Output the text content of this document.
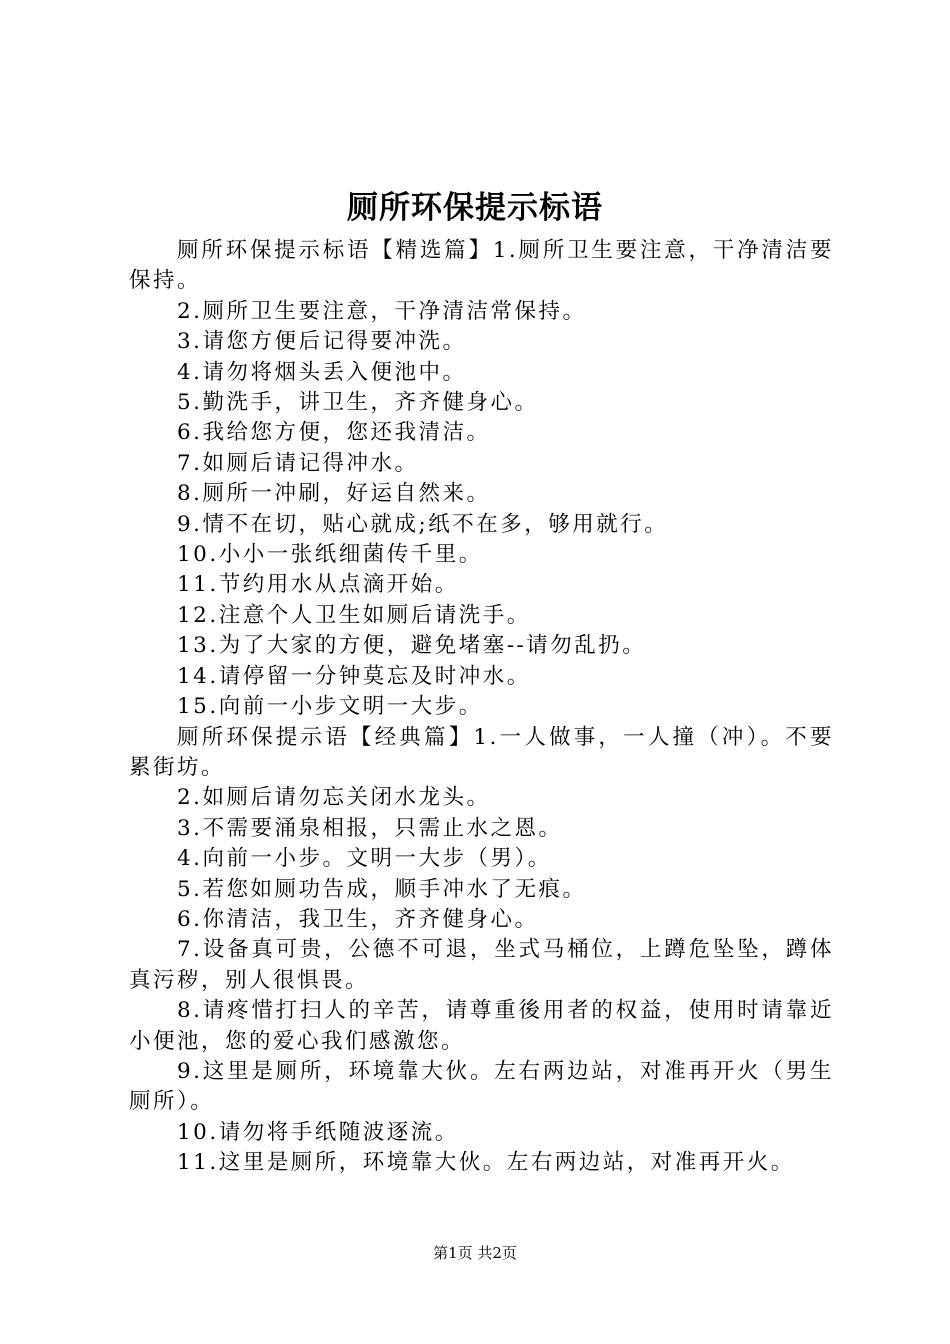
厕所环保提示标语

厕所环保提示标语【精选篇】1.厕所卫生要注意，干净清洁要保持。

2.厕所卫生要注意，干净清洁常保持。

3.请您方便后记得要冲洗。

4.请勿将烟头丢入便池中。

5.勤洗手，讲卫生，齐齐健身心。

6.我给您方便，您还我清洁。

7.如厕后请记得冲水。

8.厕所一冲刷，好运自然来。

9.情不在切，贴心就成;纸不在多，够用就行。

10.小小一张纸细菌传千里。

11.节约用水从点滴开始。

12.注意个人卫生如厕后请洗手。

13.为了大家的方便，避免堵塞--请勿乱扔。

14.请停留一分钟莫忘及时冲水。

15.向前一小步文明一大步。

厕所环保提示语【经典篇】1.一人做事，一人撞（冲）。不要累街坊。

2.如厕后请勿忘关闭水龙头。

3.不需要涌泉相报，只需止水之恩。

4.向前一小步。文明一大步（男）。

5.若您如厕功告成，顺手冲水了无痕。

6.你清洁，我卫生，齐齐健身心。

7.设备真可贵，公德不可退，坐式马桶位，上蹲危坠坠，蹲体真污秽，别人很惧畏。

8.请疼惜打扫人的辛苦，请尊重後用者的权益，使用时请靠近小便池，您的爱心我们感激您。

9.这里是厕所，环境靠大伙。左右两边站，对准再开火（男生厕所）。

10.请勿将手纸随波逐流。

11.这里是厕所，环境靠大伙。左右两边站，对准再开火。

第1页 共2页
